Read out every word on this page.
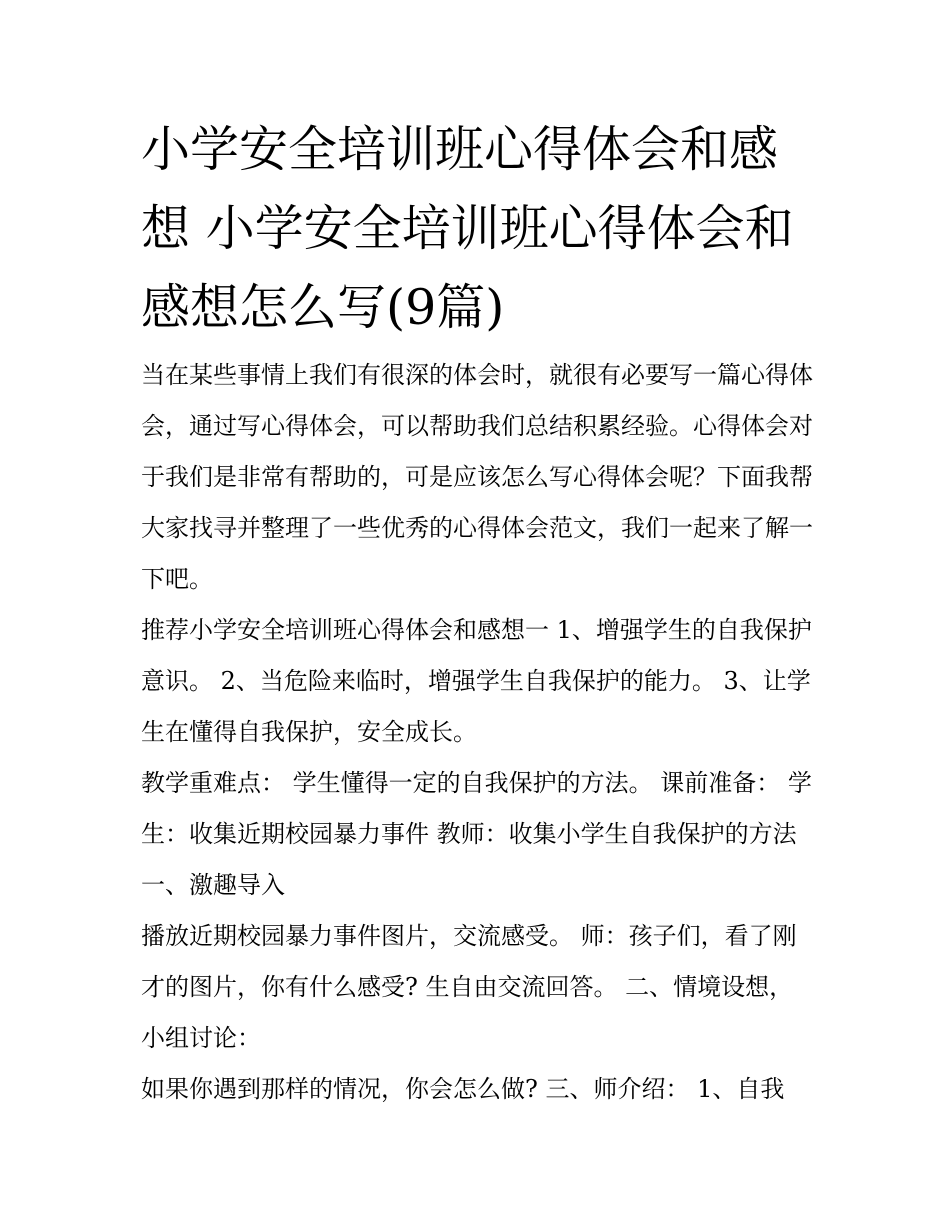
小学安全培训班心得体会和感想 小学安全培训班心得体会和感想怎么写(9篇)

当在某些事情上我们有很深的体会时，就很有必要写一篇心得体会，通过写心得体会，可以帮助我们总结积累经验。心得体会对于我们是非常有帮助的，可是应该怎么写心得体会呢？下面我帮大家找寻并整理了一些优秀的心得体会范文，我们一起来了解一下吧。

推荐小学安全培训班心得体会和感想一 1、增强学生的自我保护意识。 2、当危险来临时，增强学生自我保护的能力。 3、让学生在懂得自我保护，安全成长。

教学重难点： 学生懂得一定的自我保护的方法。 课前准备： 学生：收集近期校园暴力事件 教师：收集小学生自我保护的方法 一、激趣导入

播放近期校园暴力事件图片，交流感受。 师：孩子们，看了刚才的图片，你有什么感受? 生自由交流回答。 二、情境设想，小组讨论：

如果你遇到那样的情况，你会怎么做? 三、师介绍： 1、自我
